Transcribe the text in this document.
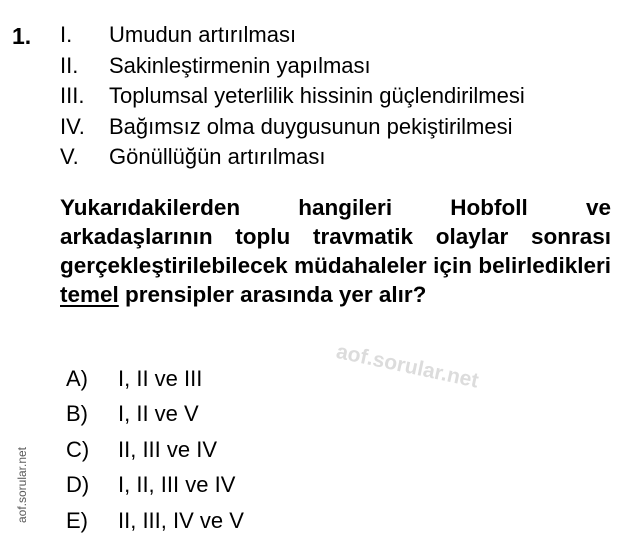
1. I.	Umudun artırılması
II.	Sakinleştirmenin yapılması
III.	Toplumsal yeterlilik hissinin güçlendirilmesi
IV.	Bağımsız olma duygusunun pekiştirilmesi
V.	Gönüllüğün artırılması

Yukarıdakilerden hangileri Hobfoll ve arkadaşlarının toplu travmatik olaylar sonrası gerçekleştirilebilecek müdahaleler için belirledikleri temel prensipler arasında yer alır?

aof.sorular.net
A)	I, II ve III
B)	I, II ve V
C)	II, III ve IV
D)	I, II, III ve IV
E)	II, III, IV ve V
aof.sorular.net
